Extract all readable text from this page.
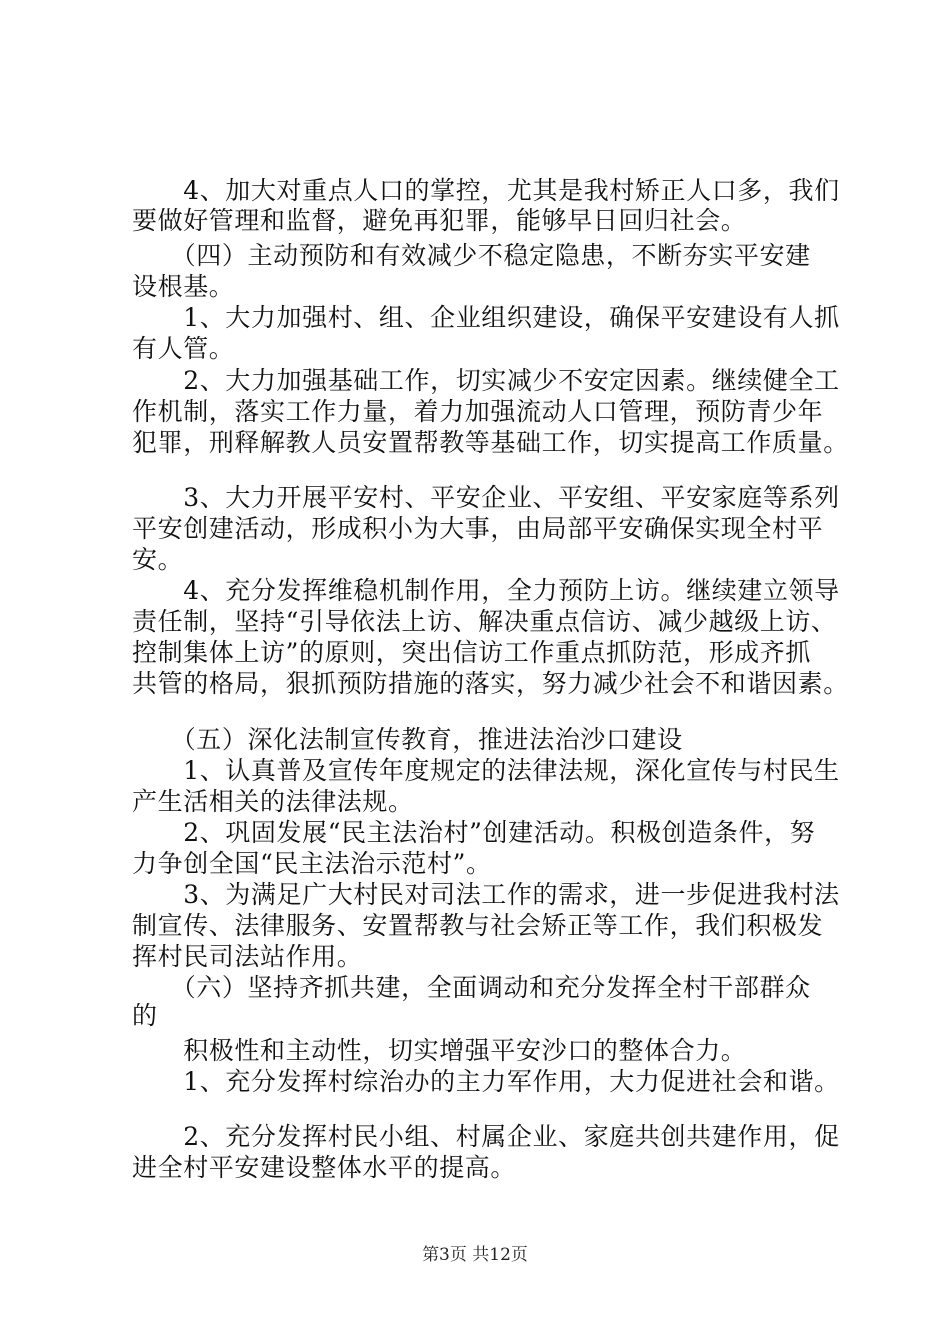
　　4、加大对重点人口的掌控，尤其是我村矫正人口多，我们
要做好管理和监督，避免再犯罪，能够早日回归社会。
　　（四）主动预防和有效减少不稳定隐患，不断夯实平安建
设根基。
　　1、大力加强村、组、企业组织建设，确保平安建设有人抓
有人管。
　　2、大力加强基础工作，切实减少不安定因素。继续健全工
作机制，落实工作力量，着力加强流动人口管理，预防青少年
犯罪，刑释解教人员安置帮教等基础工作，切实提高工作质量。
　　3、大力开展平安村、平安企业、平安组、平安家庭等系列
平安创建活动，形成积小为大事，由局部平安确保实现全村平
安。
　　4、充分发挥维稳机制作用，全力预防上访。继续建立领导
责任制，坚持“引导依法上访、解决重点信访、减少越级上访、
控制集体上访”的原则，突出信访工作重点抓防范，形成齐抓
共管的格局，狠抓预防措施的落实，努力减少社会不和谐因素。
　　（五）深化法制宣传教育，推进法治沙口建设
　　1、认真普及宣传年度规定的法律法规，深化宣传与村民生
产生活相关的法律法规。
　　2、巩固发展“民主法治村”创建活动。积极创造条件，努
力争创全国“民主法治示范村”。
　　3、为满足广大村民对司法工作的需求，进一步促进我村法
制宣传、法律服务、安置帮教与社会矫正等工作，我们积极发
挥村民司法站作用。
　　（六）坚持齐抓共建，全面调动和充分发挥全村干部群众
的
　　积极性和主动性，切实增强平安沙口的整体合力。
　　1、充分发挥村综治办的主力军作用，大力促进社会和谐。
　　2、充分发挥村民小组、村属企业、家庭共创共建作用，促
进全村平安建设整体水平的提高。
第3页 共12页
